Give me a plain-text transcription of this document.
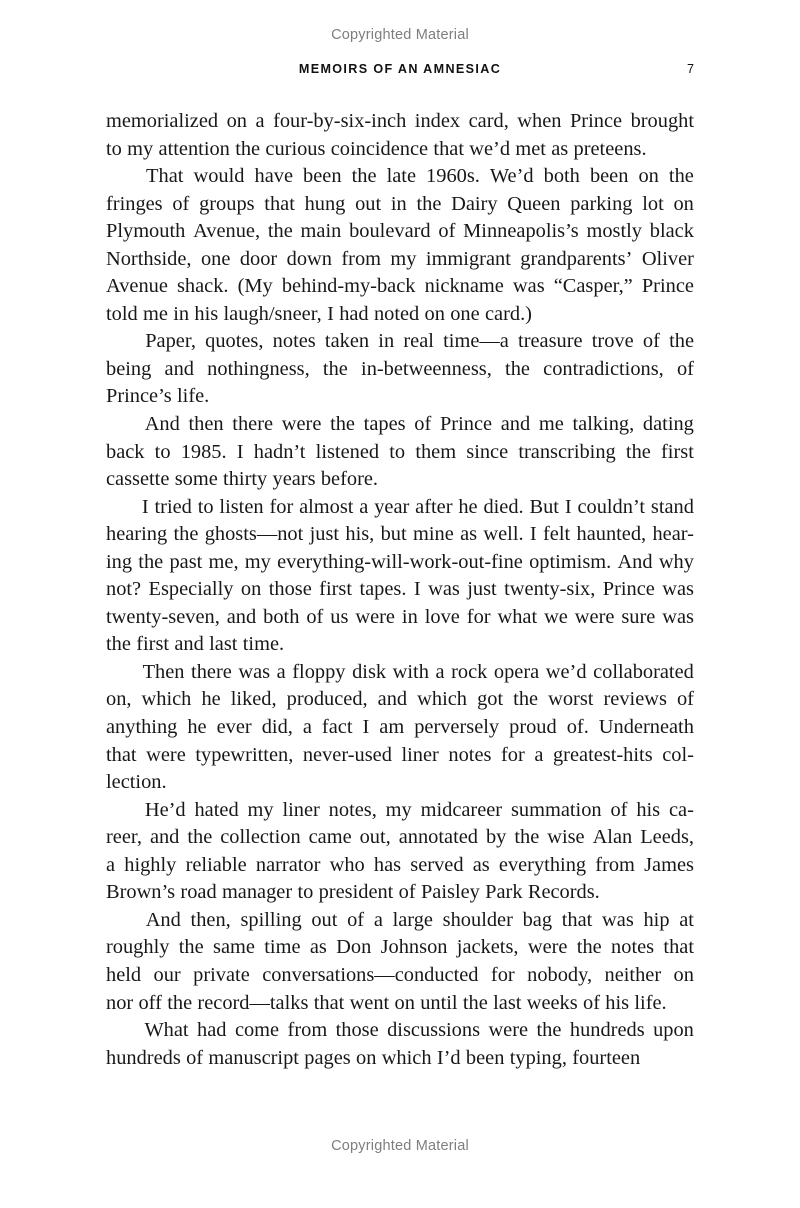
Copyrighted Material
MEMOIRS OF AN AMNESIAC	7

memorialized on a four-by-six-inch index card, when Prince brought
to my attention the curious coincidence that we’d met as preteens.

That would have been the late 1960s. We’d both been on the
fringes of groups that hung out in the Dairy Queen parking lot on
Plymouth Avenue, the main boulevard of Minneapolis’s mostly black
Northside, one door down from my immigrant grandparents’ Oliver
Avenue shack. (My behind-my-back nickname was “Casper,” Prince
told me in his laugh/sneer, I had noted on one card.)

Paper, quotes, notes taken in real time—a treasure trove of the
being and nothingness, the in-betweenness, the contradictions, of
Prince’s life.

And then there were the tapes of Prince and me talking, dating
back to 1985. I hadn’t listened to them since transcribing the first
cassette some thirty years before.

I tried to listen for almost a year after he died. But I couldn’t stand
hearing the ghosts—not just his, but mine as well. I felt haunted, hear-
ing the past me, my everything-will-work-out-fine optimism. And why
not? Especially on those first tapes. I was just twenty-six, Prince was
twenty-seven, and both of us were in love for what we were sure was
the first and last time.

Then there was a floppy disk with a rock opera we’d collaborated
on, which he liked, produced, and which got the worst reviews of
anything he ever did, a fact I am perversely proud of. Underneath
that were typewritten, never-used liner notes for a greatest-hits col-
lection.

He’d hated my liner notes, my midcareer summation of his ca-
reer, and the collection came out, annotated by the wise Alan Leeds,
a highly reliable narrator who has served as everything from James
Brown’s road manager to president of Paisley Park Records.

And then, spilling out of a large shoulder bag that was hip at
roughly the same time as Don Johnson jackets, were the notes that
held our private conversations—conducted for nobody, neither on
nor off the record—talks that went on until the last weeks of his life.

What had come from those discussions were the hundreds upon
hundreds of manuscript pages on which I’d been typing, fourteen

Copyrighted Material
